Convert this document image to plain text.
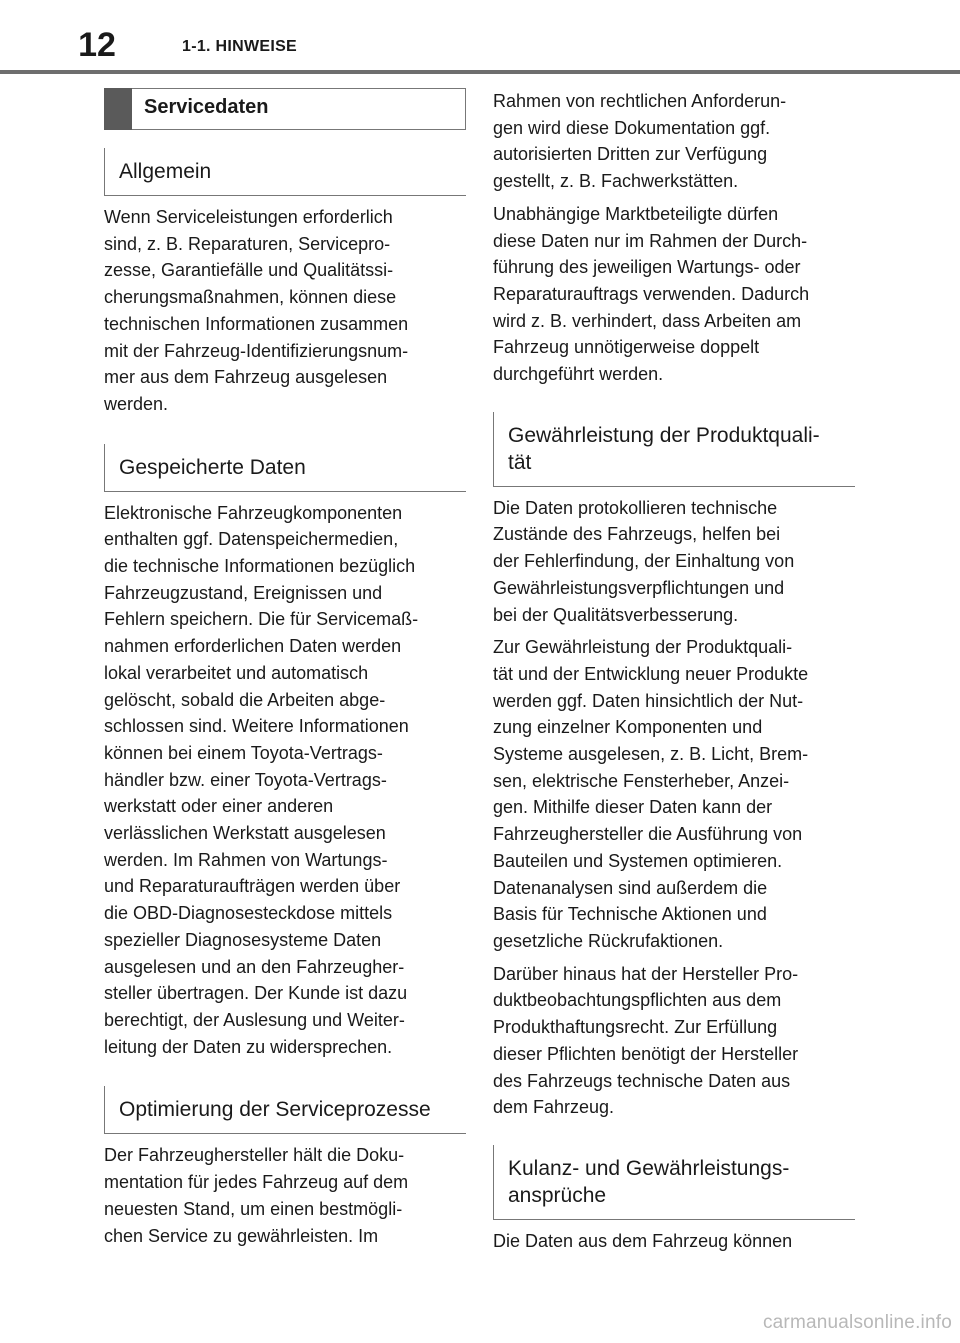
12	1-1. HINWEISE
Servicedaten
Allgemein

Wenn Serviceleistungen erforderlich
sind, z. B. Reparaturen, Servicepro-
zesse, Garantiefälle und Qualitätssi-
cherungsmaßnahmen, können diese
technischen Informationen zusammen
mit der Fahrzeug-Identifizierungsnum-
mer aus dem Fahrzeug ausgelesen
werden.

Gespeicherte Daten

Elektronische Fahrzeugkomponenten
enthalten ggf. Datenspeichermedien,
die technische Informationen bezüglich
Fahrzeugzustand, Ereignissen und
Fehlern speichern. Die für Servicemaß-
nahmen erforderlichen Daten werden
lokal verarbeitet und automatisch
gelöscht, sobald die Arbeiten abge-
schlossen sind. Weitere Informationen
können bei einem Toyota-Vertrags-
händler bzw. einer Toyota-Vertrags-
werkstatt oder einer anderen
verlässlichen Werkstatt ausgelesen
werden. Im Rahmen von Wartungs-
und Reparaturaufträgen werden über
die OBD-Diagnosesteckdose mittels
spezieller Diagnosesysteme Daten
ausgelesen und an den Fahrzeugher-
steller übertragen. Der Kunde ist dazu
berechtigt, der Auslesung und Weiter-
leitung der Daten zu widersprechen.

Optimierung der Serviceprozesse

Der Fahrzeughersteller hält die Doku-
mentation für jedes Fahrzeug auf dem
neuesten Stand, um einen bestmögli-
chen Service zu gewährleisten. Im

Rahmen von rechtlichen Anforderun-
gen wird diese Dokumentation ggf.
autorisierten Dritten zur Verfügung
gestellt, z. B. Fachwerkstätten.

Unabhängige Marktbeteiligte dürfen
diese Daten nur im Rahmen der Durch-
führung des jeweiligen Wartungs- oder
Reparaturauftrags verwenden. Dadurch
wird z. B. verhindert, dass Arbeiten am
Fahrzeug unnötigerweise doppelt
durchgeführt werden.

Gewährleistung der Produktquali-
tät

Die Daten protokollieren technische
Zustände des Fahrzeugs, helfen bei
der Fehlerfindung, der Einhaltung von
Gewährleistungsverpflichtungen und
bei der Qualitätsverbesserung.

Zur Gewährleistung der Produktquali-
tät und der Entwicklung neuer Produkte
werden ggf. Daten hinsichtlich der Nut-
zung einzelner Komponenten und
Systeme ausgelesen, z. B. Licht, Brem-
sen, elektrische Fensterheber, Anzei-
gen. Mithilfe dieser Daten kann der
Fahrzeughersteller die Ausführung von
Bauteilen und Systemen optimieren.
Datenanalysen sind außerdem die
Basis für Technische Aktionen und
gesetzliche Rückrufaktionen.

Darüber hinaus hat der Hersteller Pro-
duktbeobachtungspflichten aus dem
Produkthaftungsrecht. Zur Erfüllung
dieser Pflichten benötigt der Hersteller
des Fahrzeugs technische Daten aus
dem Fahrzeug.

Kulanz- und Gewährleistungs-
ansprüche

Die Daten aus dem Fahrzeug können

carmanualsonline.info
